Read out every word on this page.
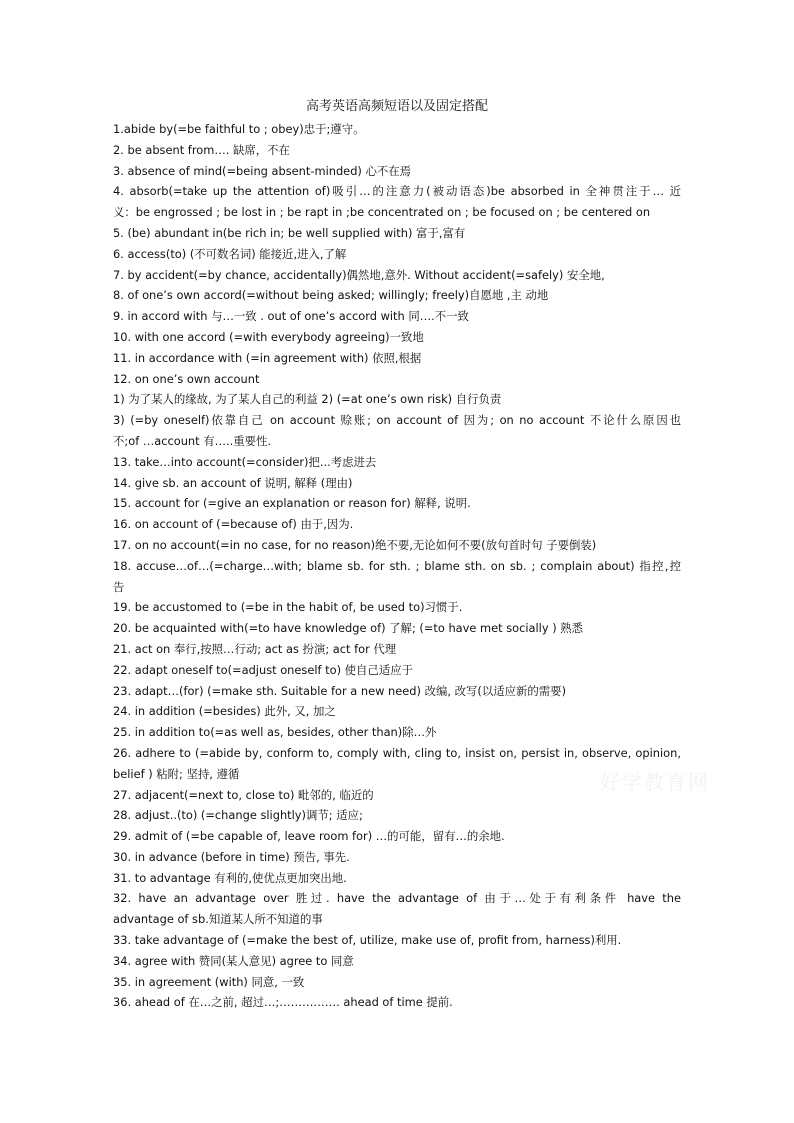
高考英语高频短语以及固定搭配
好学教育网
1.abide by(=be faithful to ; obey)忠于;遵守。
2. be absent from…. 缺席，不在
3. absence of mind(=being absent-minded) 心不在焉
4. absorb(=take up the attention of)吸引…的注意力(被动语态)be absorbed in 全神贯注于… 近
义：be engrossed ; be lost in ; be rapt in ;be concentrated on ; be focused on ; be centered on
5. (be) abundant in(be rich in; be well supplied with) 富于,富有
6. access(to) (不可数名词) 能接近,进入,了解
7. by accident(=by chance, accidentally)偶然地,意外. Without accident(=safely) 安全地,
8. of one’s own accord(=without being asked; willingly; freely)自愿地 ,主 动地
9. in accord with 与…一致 . out of one’s accord with 同….不一致
10. with one accord (=with everybody agreeing)一致地
11. in accordance with (=in agreement with) 依照,根据
12. on one’s own account
1) 为了某人的缘故, 为了某人自己的利益 2) (=at one’s own risk) 自行负责
3) (=by oneself)依靠自己 on account 赊账; on account of 因为; on no account 不论什么原因也
不;of …account 有…..重要性.
13. take…into account(=consider)把...考虑进去
14. give sb. an account of 说明, 解释 (理由)
15. account for (=give an explanation or reason for) 解释, 说明.
16. on account of (=because of) 由于,因为.
17. on no account(=in no case, for no reason)绝不要,无论如何不要(放句首时句 子要倒装)
18. accuse…of…(=charge…with; blame sb. for sth. ; blame sth. on sb. ; complain about) 指控,控
告
19. be accustomed to (=be in the habit of, be used to)习惯于.
20. be acquainted with(=to have knowledge of) 了解; (=to have met socially ) 熟悉
21. act on 奉行,按照…行动; act as 扮演; act for 代理
22. adapt oneself to(=adjust oneself to) 使自己适应于
23. adapt…(for) (=make sth. Suitable for a new need) 改编, 改写(以适应新的需要)
24. in addition (=besides) 此外, 又, 加之
25. in addition to(=as well as, besides, other than)除…外
26. adhere to (=abide by, conform to, comply with, cling to, insist on, persist in, observe, opinion,
belief ) 粘附; 坚持, 遵循
27. adjacent(=next to, close to) 毗邻的, 临近的
28. adjust..(to) (=change slightly)调节; 适应;
29. admit of (=be capable of, leave room for) …的可能，留有…的余地.
30. in advance (before in time) 预告, 事先.
31. to advantage 有利的,使优点更加突出地.
32. have an advantage over 胜过. have the advantage of 由于…处于有利条件 have the
advantage of sb.知道某人所不知道的事
33. take advantage of (=make the best of, utilize, make use of, profit from, harness)利用.
34. agree with 赞同(某人意见) agree to 同意
35. in agreement (with) 同意, 一致
36. ahead of 在…之前, 超过…;……………. ahead of time 提前.
